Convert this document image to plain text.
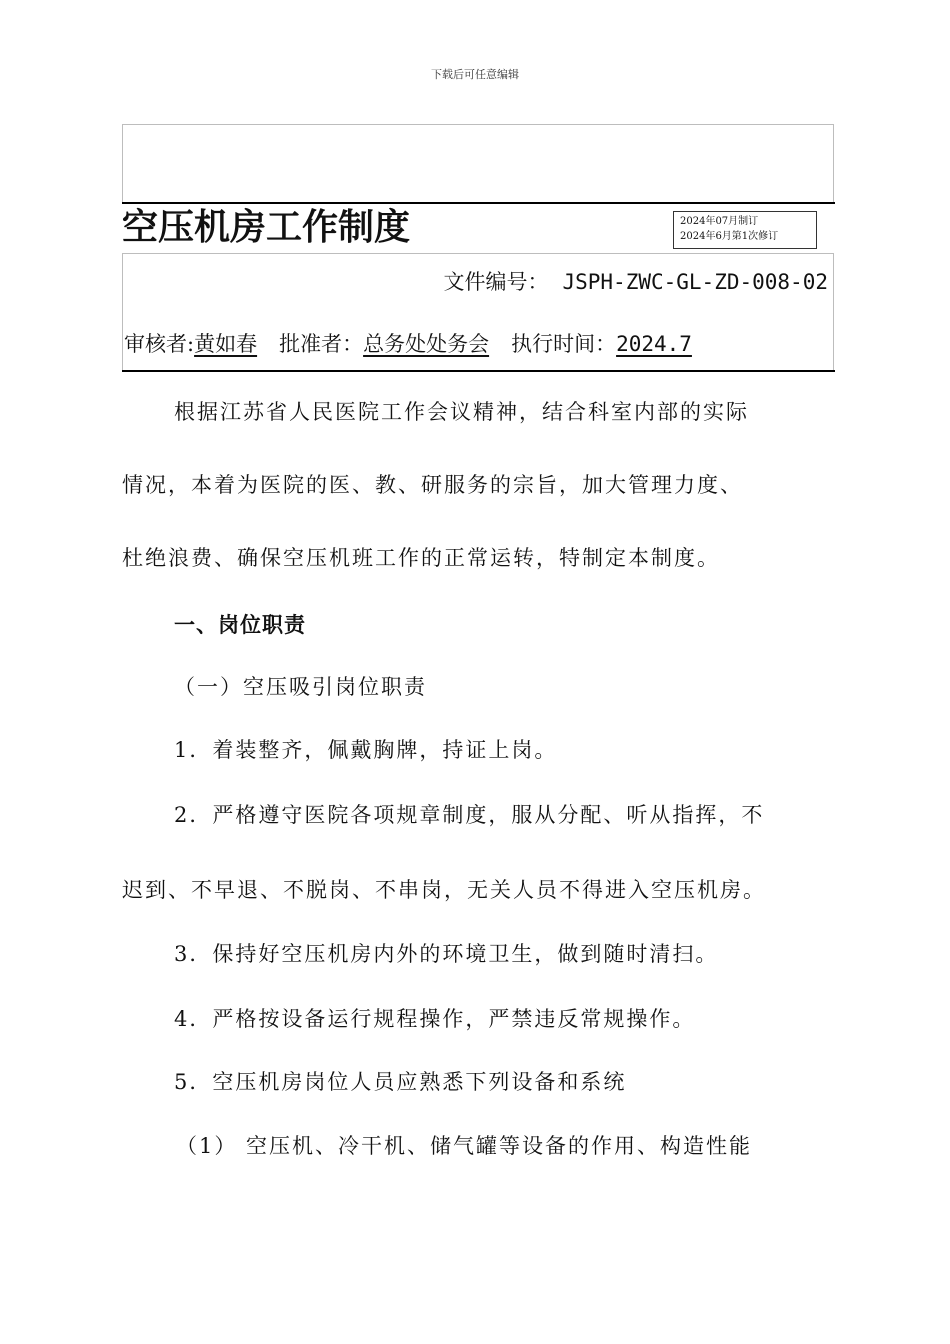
下载后可任意编辑
空压机房工作制度	2024年07月制订
2024年6月第1次修订
文件编号： JSPH-ZWC-GL-ZD-008-02
审核者:黄如春 批准者：总务处处务会 执行时间：2024.7
根据江苏省人民医院工作会议精神，结合科室内部的实际
情况，本着为医院的医、教、研服务的宗旨，加大管理力度、
杜绝浪费、确保空压机班工作的正常运转，特制定本制度。
一、岗位职责
（一）空压吸引岗位职责
1．着装整齐，佩戴胸牌，持证上岗。
2．严格遵守医院各项规章制度，服从分配、听从指挥，不
迟到、不早退、不脱岗、不串岗，无关人员不得进入空压机房。
3．保持好空压机房内外的环境卫生，做到随时清扫。
4．严格按设备运行规程操作，严禁违反常规操作。
5．空压机房岗位人员应熟悉下列设备和系统
（1） 空压机、冷干机、储气罐等设备的作用、构造性能
